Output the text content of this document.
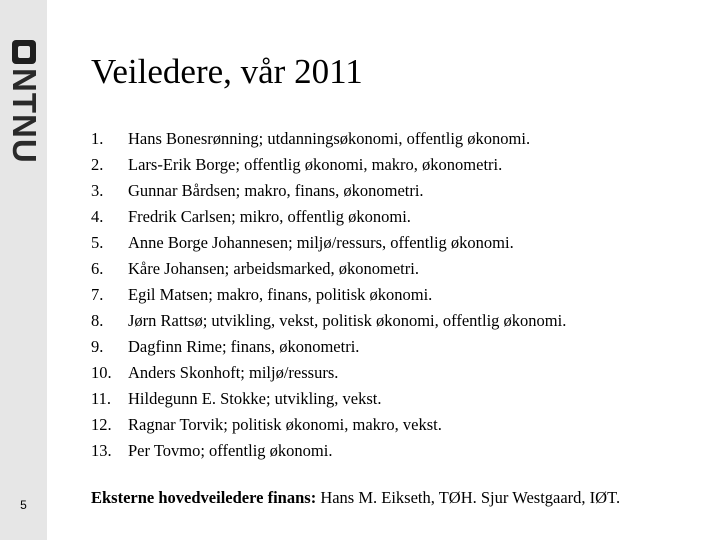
NTNU
5
Veiledere, vår 2011
1.	Hans Bonesrønning; utdanningsøkonomi, offentlig økonomi.
2.	Lars-Erik Borge; offentlig økonomi, makro, økonometri.
3.	Gunnar Bårdsen; makro, finans, økonometri.
4.	Fredrik Carlsen; mikro, offentlig økonomi.
5.	Anne Borge Johannesen; miljø/ressurs, offentlig økonomi.
6.	Kåre Johansen; arbeidsmarked, økonometri.
7.	Egil Matsen; makro, finans, politisk økonomi.
8.	Jørn Rattsø; utvikling, vekst, politisk økonomi, offentlig økonomi.
9.	Dagfinn Rime; finans, økonometri.
10. Anders Skonhoft; miljø/ressurs.
11.	Hildegunn E. Stokke; utvikling, vekst.
12. Ragnar Torvik; politisk økonomi, makro, vekst.
13. Per Tovmo; offentlig økonomi.
Eksterne hovedveiledere finans: Hans M. Eikseth, TØH. Sjur Westgaard, IØT.
